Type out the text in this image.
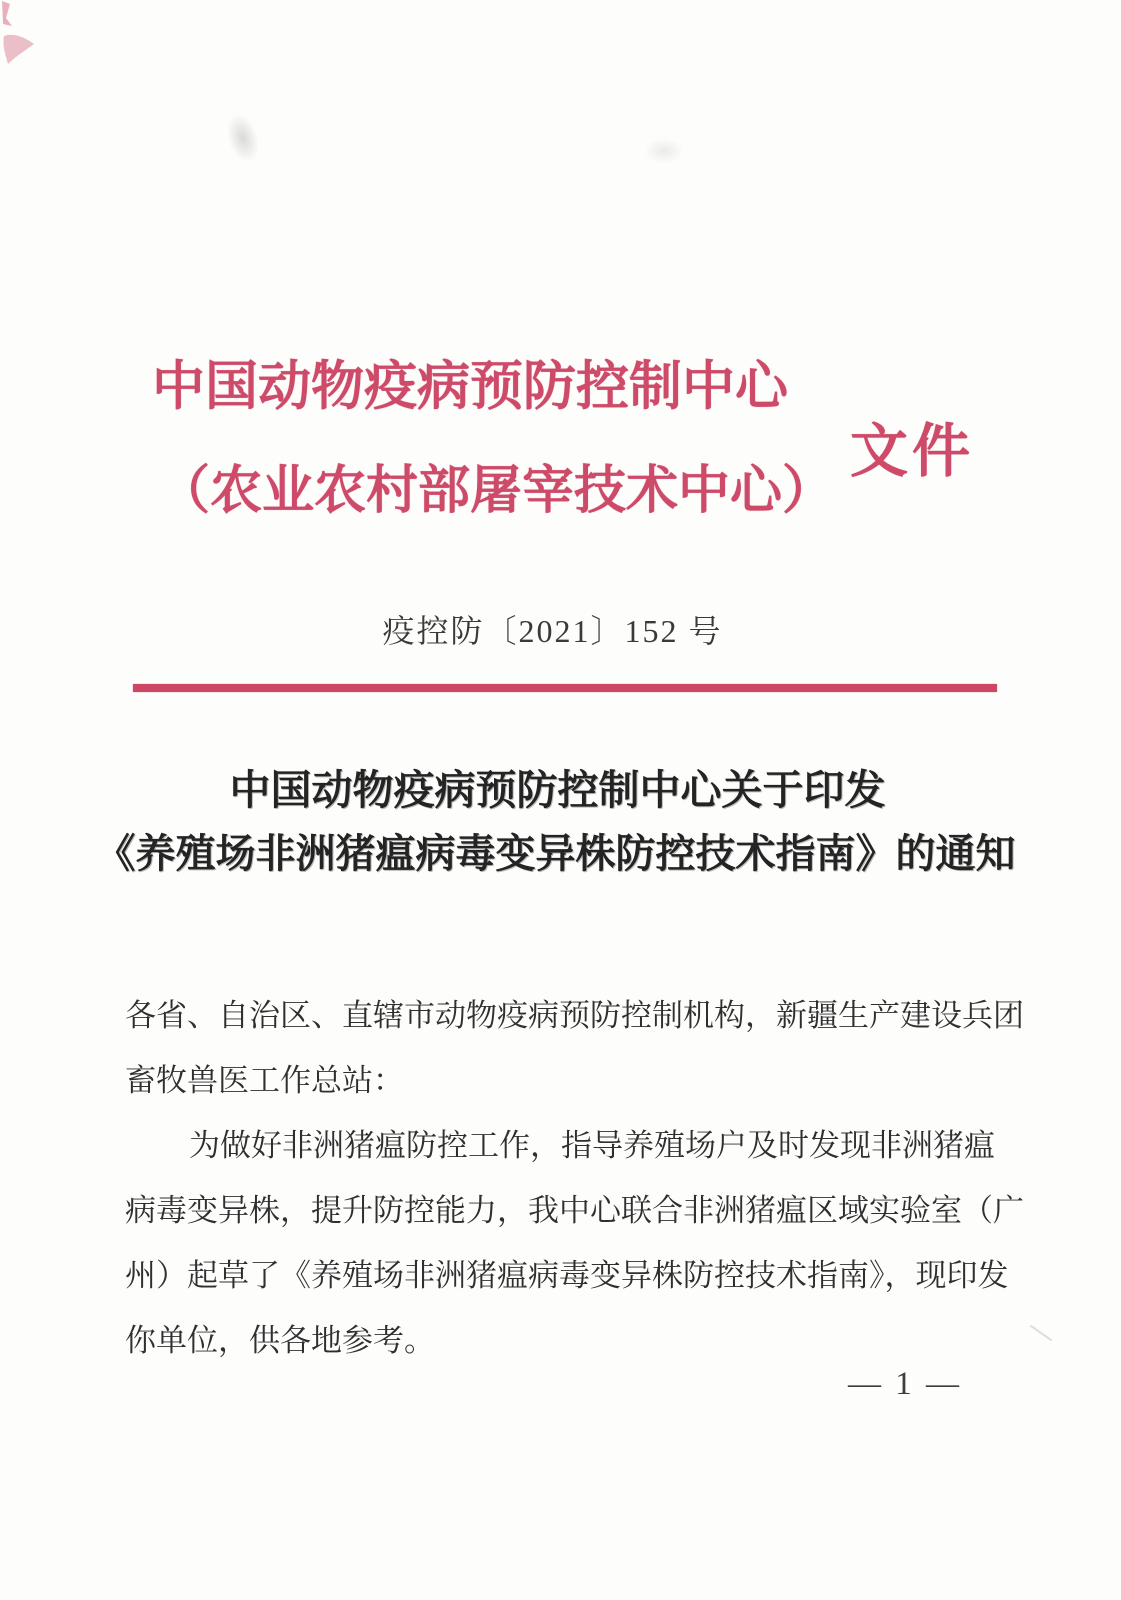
中国动物疫病预防控制中心
文件
（农业农村部屠宰技术中心）
疫控防〔2021〕152 号
中国动物疫病预防控制中心关于印发
《养殖场非洲猪瘟病毒变异株防控技术指南》的通知
各省、自治区、直辖市动物疫病预防控制机构，新疆生产建设兵团
畜牧兽医工作总站：
为做好非洲猪瘟防控工作，指导养殖场户及时发现非洲猪瘟
病毒变异株，提升防控能力，我中心联合非洲猪瘟区域实验室（广
州）起草了《养殖场非洲猪瘟病毒变异株防控技术指南》，现印发
你单位，供各地参考。
— 1 —
